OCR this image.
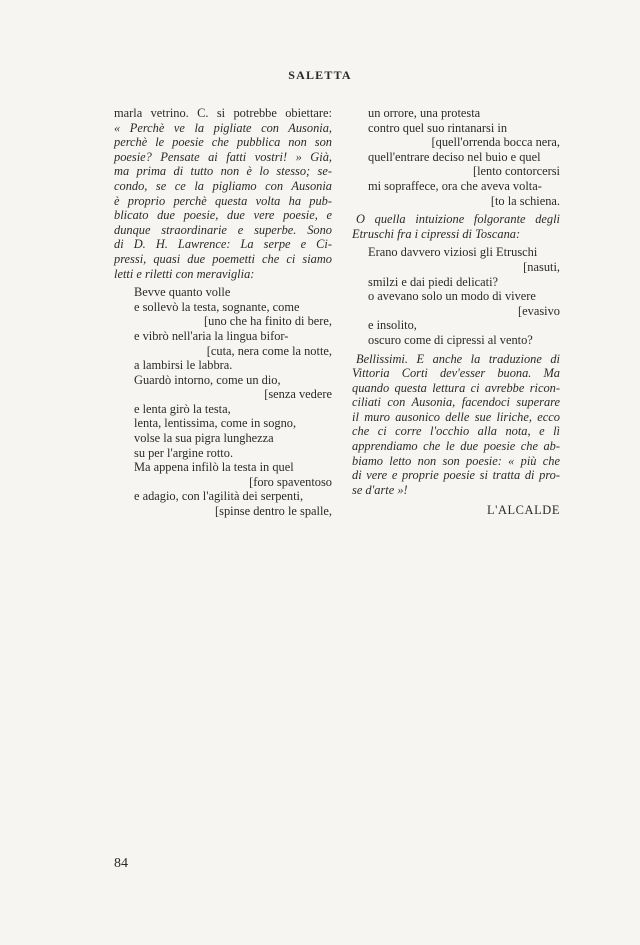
SALETTA
marla vetrino. C. si potrebbe obiettare:
« Perchè ve la pigliate con Ausonia,
perchè le poesie che pubblica non son
poesie? Pensate ai fatti vostri! » Già,
ma prima di tutto non è lo stesso; se-
condo, se ce la pigliamo con Ausonia
è proprio perchè questa volta ha pub-
blicato due poesie, due vere poesie, e
dunque straordinarie e superbe. Sono
di D. H. Lawrence: La serpe e Ci-
pressi, quasi due poemetti che ci siamo
letti e riletti con meraviglia:
Bevve quanto volle
e sollevò la testa, sognante, come
[uno che ha finito di bere,
e vibrò nell'aria la lingua bifor-
[cuta, nera come la notte,
a lambirsi le labbra.
Guardò intorno, come un dio,
[senza vedere
e lenta girò la testa,
lenta, lentissima, come in sogno,
volse la sua pigra lunghezza
su per l'argine rotto.
Ma appena infilò la testa in quel
[foro spaventoso
e adagio, con l'agilità dei serpenti,
[spinse dentro le spalle,
un orrore, una protesta
contro quel suo rintanarsi in
[quell'orrenda bocca nera,
quell'entrare deciso nel buio e quel
[lento contorcersi
mi sopraffece, ora che aveva volta-
[to la schiena.
O quella intuizione folgorante degli
Etruschi fra i cipressi di Toscana:
Erano davvero viziosi gli Etruschi
[nasuti,
smilzi e dai piedi delicati?
o avevano solo un modo di vivere
[evasivo
e insolito,
oscuro come di cipressi al vento?
Bellissimi. E anche la traduzione di
Vittoria Corti dev'esser buona. Ma
quando questa lettura ci avrebbe ricon-
ciliati con Ausonia, facendoci superare
il muro ausonico delle sue liriche, ecco
che ci corre l'occhio alla nota, e lì
apprendiamo che le due poesie che ab-
biamo letto non son poesie: « più che
di vere e proprie poesie si tratta di pro-
se d'arte »!
L'ALCALDE
84
